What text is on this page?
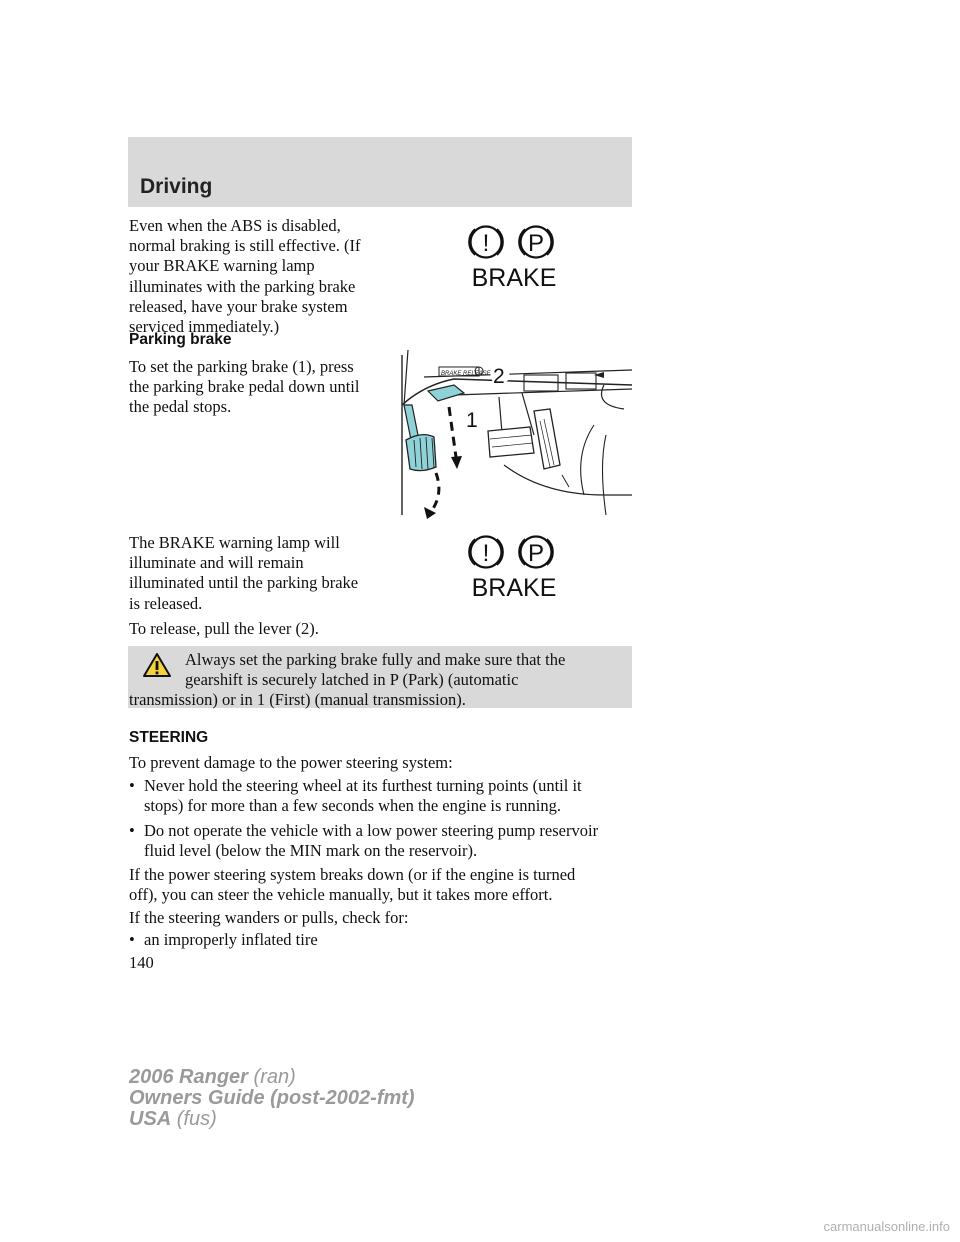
Driving

Even when the ABS is disabled,
normal braking is still effective. (If
your BRAKE warning lamp
illuminates with the parking brake
released, have your brake system
serviced immediately.)

! P
BRAKE
Parking brake

To set the parking brake (1), press
the parking brake pedal down until
the pedal stops.

BRAKE RELEASE 2
1

The BRAKE warning lamp will
illuminate and will remain
illuminated until the parking brake
is released.

! P
BRAKE

To release, pull the lever (2).

Always set the parking brake fully and make sure that the
gearshift is securely latched in P (Park) (automatic
transmission) or in 1 (First) (manual transmission).
STEERING

To prevent damage to the power steering system:

• Never hold the steering wheel at its furthest turning points (until it
stops) for more than a few seconds when the engine is running.
• Do not operate the vehicle with a low power steering pump reservoir
fluid level (below the MIN mark on the reservoir).

If the power steering system breaks down (or if the engine is turned
off), you can steer the vehicle manually, but it takes more effort.

If the steering wanders or pulls, check for:

• an improperly inflated tire
140
2006 Ranger (ran)
Owners Guide (post-2002-fmt)
USA (fus)
carmanualsonline.info
